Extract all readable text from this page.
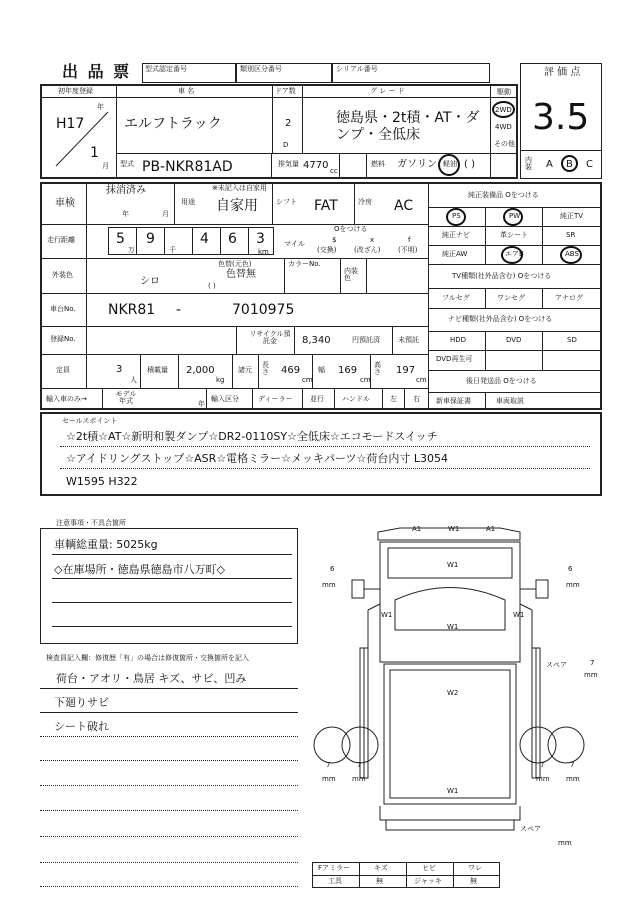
出 品 票 型式認定番号	類別区分番号	シリアル番号	評 価 点
3.5
初年度登録
年
H17
1
月
車 名
エルフトラック
ドア数
2
D
グ レ ー ド
徳島県・2t積・AT・ダ
ンプ・全低床
駆動
2WD
4WD
その他
型式 PB-NKR81AD	排気量 4770 cc
燃料 ガソリン 軽油 ( )	内装	A B C
車検
抹消済み
年	月
用途
※未記入は自家用
自家用	シフト FAT	冷房 AC
走行距離	5
万
9
千
4 6 3
km
マイル
Oをつける
$
(交換)
x
(改ざん)
f
(不明)
外装色
シロ
色替(元色)
色替無
( )
カラーNo.
内装色
車台No. NKR81 -	7010975
登録No.
リサイクル預託金	8,340	円預託済	未預託
定員	3
人
積載量 2,000
kg
諸元
長さ 469
cm
幅 169
cm
高さ 197
cm
輸入車のみ→
モデル年式	年
輸入区分	ディーラー	並行	ハンドル	左 右
純正装備品 Oをつける
PS	PW	純正TV
純正ナビ	革シート	SR
純正AW	エアB	ABS
TV種類(社外品含む) Oをつける
フルセグ	ワンセグ	アナログ
ナビ種類(社外品含む) Oをつける
HDD	DVD	SD
DVD再生可
後日発送品 Oをつける
新車保証書	車両取説
セールスポイント
☆2t積☆AT☆新明和製ダンプ☆DR2-0110SY☆全低床☆エコモードスイッチ
☆アイドリングストップ☆ASR☆電格ミラー☆メッキパーツ☆荷台内寸 L3054
W1595 H322
注意事項・不具合箇所
車輌総重量: 5025kg
◇在庫場所・徳島県徳島市八万町◇
検査員記入欄：修復歴「有」の場合は修復箇所・交換箇所を記入
荷台・アオリ・鳥居 キズ、サビ、凹み
下廻りサビ
シート破れ
A1	W1	A1
W1
W1	W1
W1
W2
W1
6
mm
6
mm
7
mm
7
mm
7
mm
7
mm
スペア	7
mm
スペア
mm
Fアミラー	キズ	ヒビ	ワレ
工具	無	ジャッキ	無
